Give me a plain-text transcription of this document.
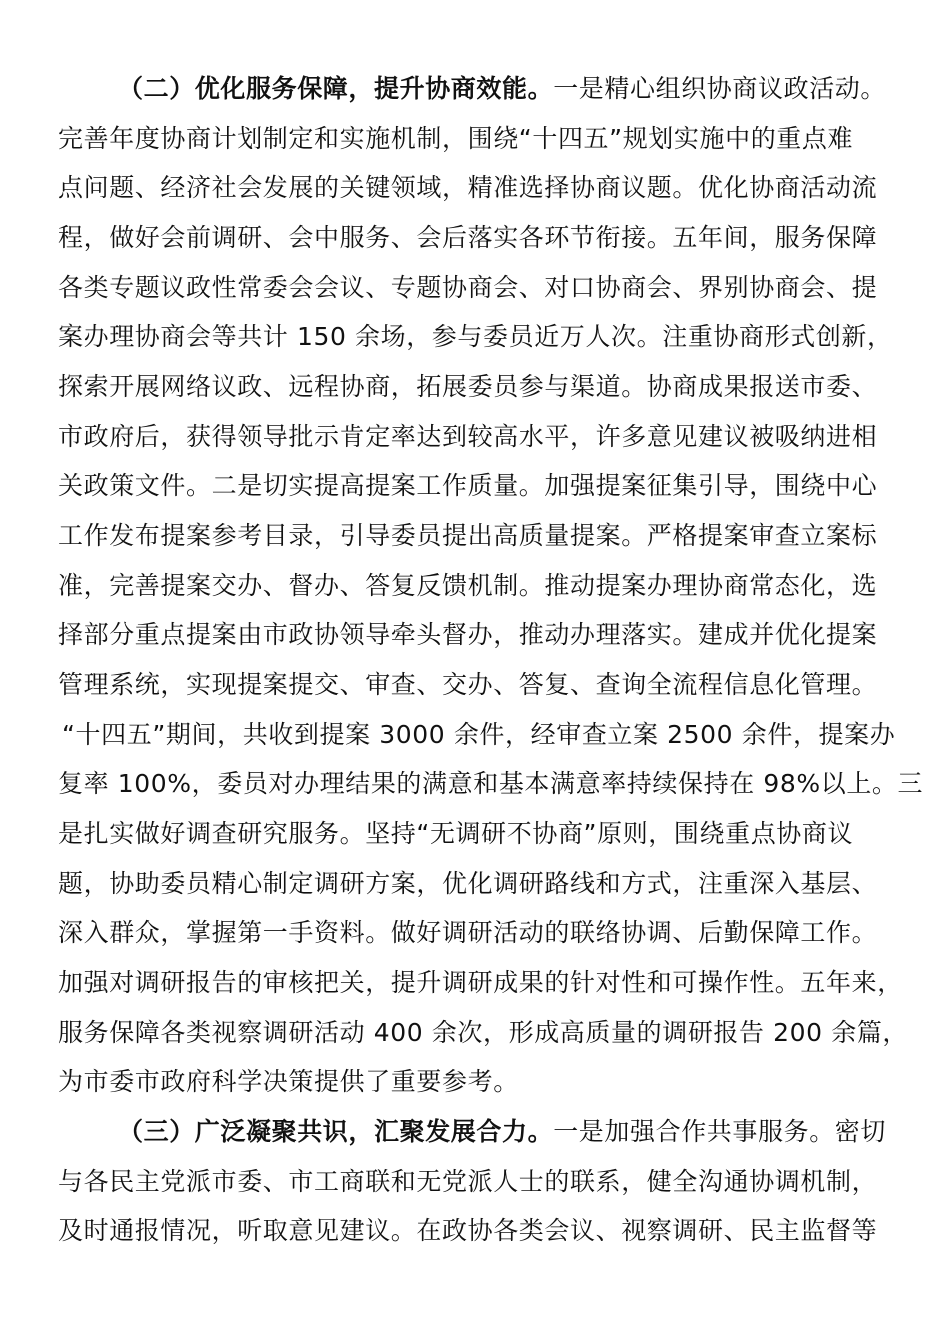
（二）优化服务保障，提升协商效能。一是精心组织协商议政活动。
完善年度协商计划制定和实施机制，围绕“十四五”规划实施中的重点难
点问题、经济社会发展的关键领域，精准选择协商议题。优化协商活动流
程，做好会前调研、会中服务、会后落实各环节衔接。五年间，服务保障
各类专题议政性常委会会议、专题协商会、对口协商会、界别协商会、提
案办理协商会等共计 150 余场，参与委员近万人次。注重协商形式创新，
探索开展网络议政、远程协商，拓展委员参与渠道。协商成果报送市委、
市政府后，获得领导批示肯定率达到较高水平，许多意见建议被吸纳进相
关政策文件。二是切实提高提案工作质量。加强提案征集引导，围绕中心
工作发布提案参考目录，引导委员提出高质量提案。严格提案审查立案标
准，完善提案交办、督办、答复反馈机制。推动提案办理协商常态化，选
择部分重点提案由市政协领导牵头督办，推动办理落实。建成并优化提案
管理系统，实现提案提交、审查、交办、答复、查询全流程信息化管理。
“十四五”期间，共收到提案 3000 余件，经审查立案 2500 余件，提案办
复率 100%，委员对办理结果的满意和基本满意率持续保持在 98%以上。三
是扎实做好调查研究服务。坚持“无调研不协商”原则，围绕重点协商议
题，协助委员精心制定调研方案，优化调研路线和方式，注重深入基层、
深入群众，掌握第一手资料。做好调研活动的联络协调、后勤保障工作。
加强对调研报告的审核把关，提升调研成果的针对性和可操作性。五年来，
服务保障各类视察调研活动 400 余次，形成高质量的调研报告 200 余篇，
为市委市政府科学决策提供了重要参考。
（三）广泛凝聚共识，汇聚发展合力。一是加强合作共事服务。密切
与各民主党派市委、市工商联和无党派人士的联系，健全沟通协调机制，
及时通报情况，听取意见建议。在政协各类会议、视察调研、民主监督等
